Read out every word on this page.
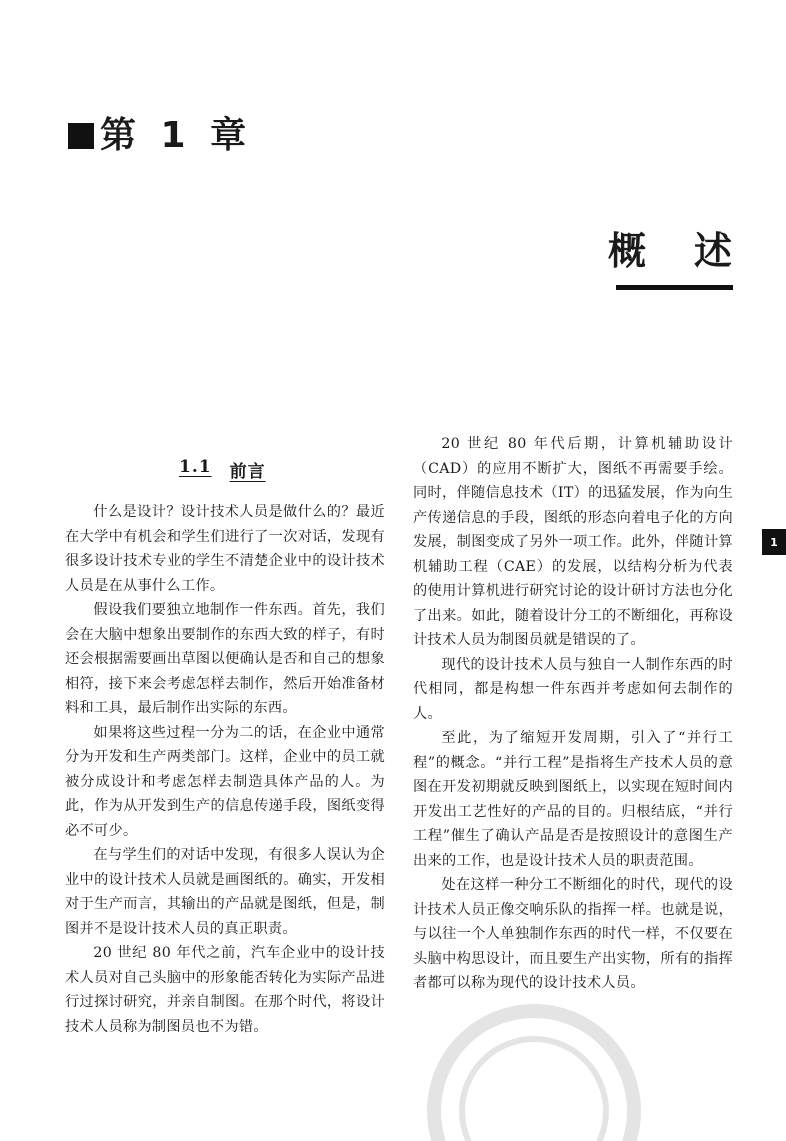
第 1 章
概述
1.1 前言

什么是设计？设计技术人员是做什么的？最近在大学中有机会和学生们进行了一次对话，发现有很多设计技术专业的学生不清楚企业中的设计技术人员是在从事什么工作。

假设我们要独立地制作一件东西。首先，我们会在大脑中想象出要制作的东西大致的样子，有时还会根据需要画出草图以便确认是否和自己的想象相符，接下来会考虑怎样去制作，然后开始准备材料和工具，最后制作出实际的东西。

如果将这些过程一分为二的话，在企业中通常分为开发和生产两类部门。这样，企业中的员工就被分成设计和考虑怎样去制造具体产品的人。为此，作为从开发到生产的信息传递手段，图纸变得必不可少。

在与学生们的对话中发现，有很多人误认为企业中的设计技术人员就是画图纸的。确实，开发相对于生产而言，其输出的产品就是图纸，但是，制图并不是设计技术人员的真正职责。

20 世纪 80 年代之前，汽车企业中的设计技术人员对自己头脑中的形象能否转化为实际产品进行过探讨研究，并亲自制图。在那个时代，将设计技术人员称为制图员也不为错。

20 世纪 80 年代后期，计算机辅助设计（CAD）的应用不断扩大，图纸不再需要手绘。同时，伴随信息技术（IT）的迅猛发展，作为向生产传递信息的手段，图纸的形态向着电子化的方向发展，制图变成了另外一项工作。此外，伴随计算机辅助工程（CAE）的发展，以结构分析为代表的使用计算机进行研究讨论的设计研讨方法也分化了出来。如此，随着设计分工的不断细化，再称设计技术人员为制图员就是错误的了。

现代的设计技术人员与独自一人制作东西的时代相同，都是构想一件东西并考虑如何去制作的人。

至此，为了缩短开发周期，引入了“并行工程”的概念。“并行工程”是指将生产技术人员的意图在开发初期就反映到图纸上，以实现在短时间内开发出工艺性好的产品的目的。归根结底，“并行工程”催生了确认产品是否是按照设计的意图生产出来的工作，也是设计技术人员的职责范围。

处在这样一种分工不断细化的时代，现代的设计技术人员正像交响乐队的指挥一样。也就是说，与以往一个人单独制作东西的时代一样，不仅要在头脑中构思设计，而且要生产出实物，所有的指挥者都可以称为现代的设计技术人员。

1
